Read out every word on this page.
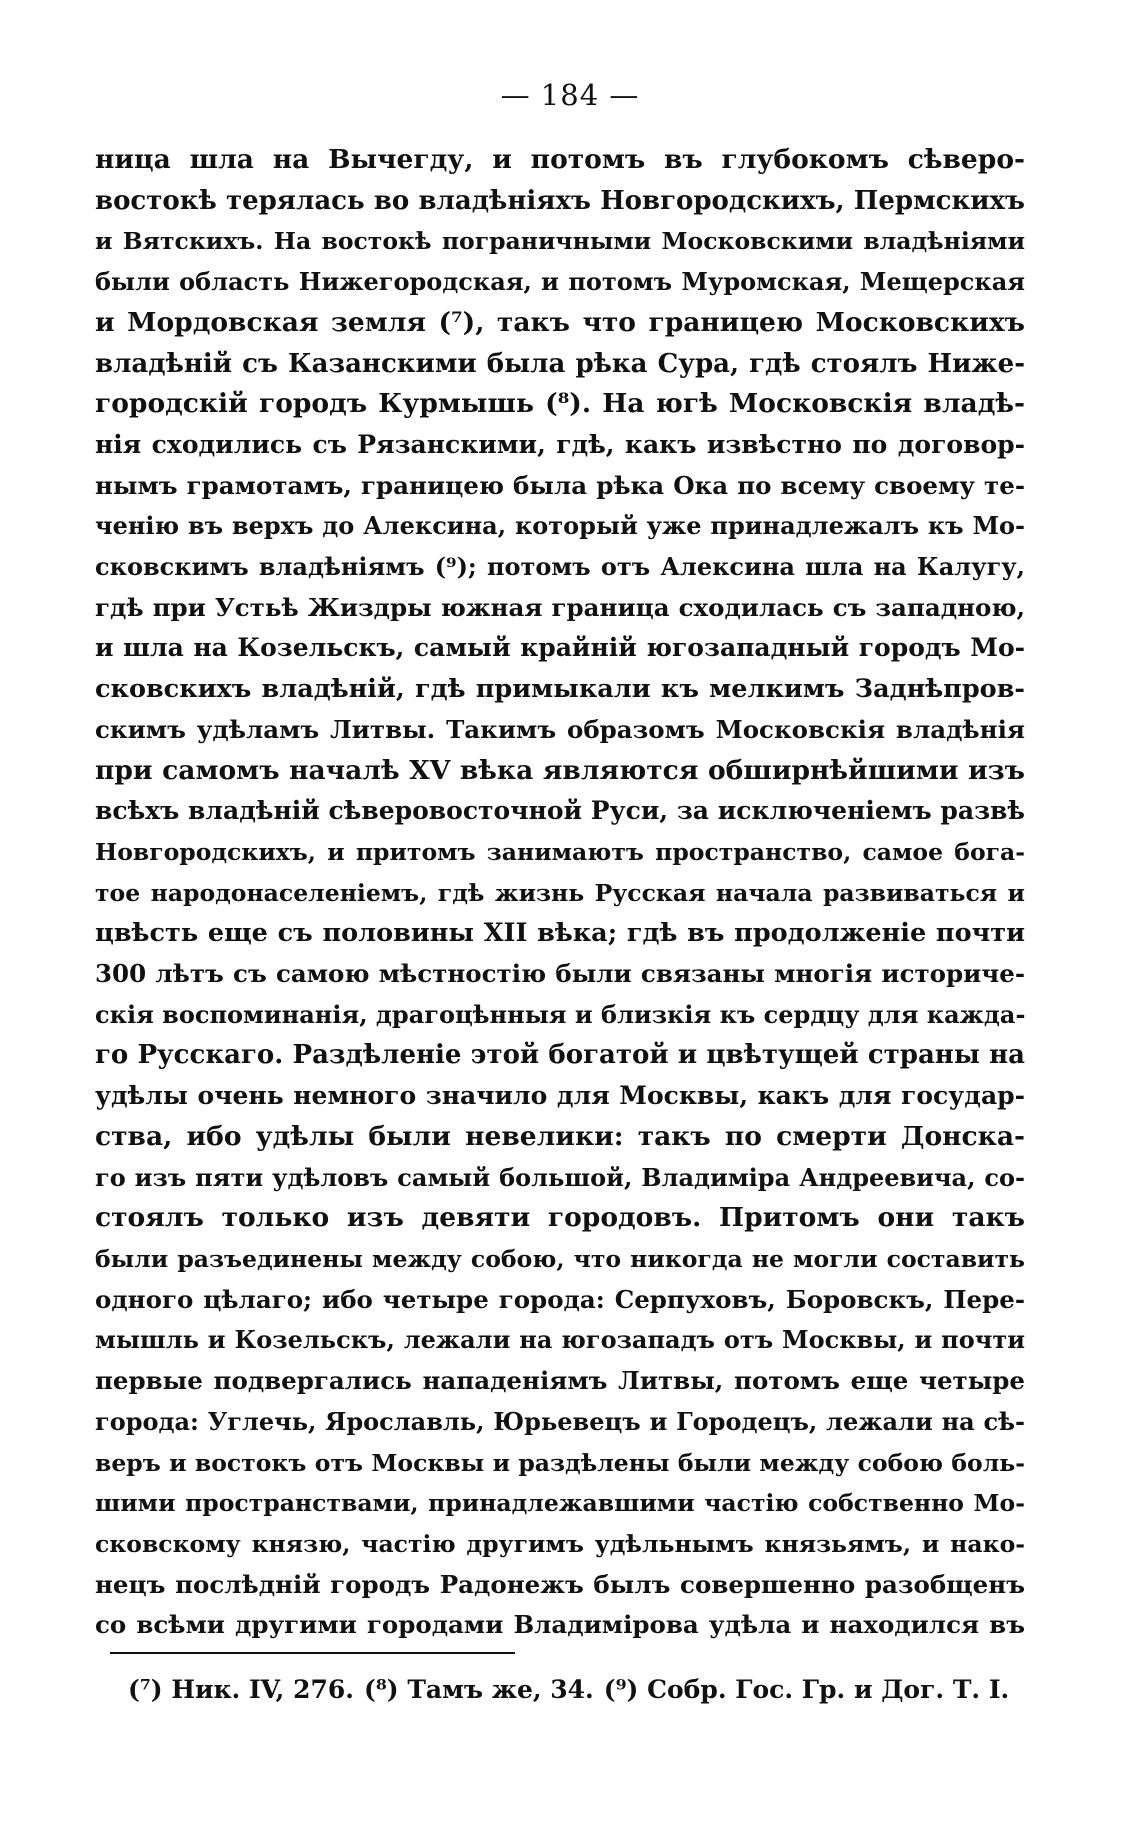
— 184 —
ница шла на Вычегду, и потомъ въ глубокомъ сѣверо-
востокѣ терялась во владѣніяхъ Новгородскихъ, Пермскихъ
и Вятскихъ. На востокѣ пограничными Московскими владѣніями
были область Нижегородская, и потомъ Муромская, Мещерская
и Мордовская земля (⁷), такъ что границею Московскихъ
владѣній съ Казанскими была рѣка Сура, гдѣ стоялъ Ниже-
городскій городъ Курмышь (⁸). На югѣ Московскія владѣ-
нія сходились съ Рязанскими, гдѣ, какъ извѣстно по договор-
нымъ грамотамъ, границею была рѣка Ока по всему своему те-
ченію въ верхъ до Алексина, который уже принадлежалъ къ Мо-
сковскимъ владѣніямъ (⁹); потомъ отъ Алексина шла на Калугу,
гдѣ при Устьѣ Жиздры южная граница сходилась съ западною,
и шла на Козельскъ, самый крайній югозападный городъ Мо-
сковскихъ владѣній, гдѣ примыкали къ мелкимъ Заднѣпров-
скимъ удѣламъ Литвы. Такимъ образомъ Московскія владѣнія
при самомъ началѣ XV вѣка являются обширнѣйшими изъ
всѣхъ владѣній сѣверовосточной Руси, за исключеніемъ развѣ
Новгородскихъ, и притомъ занимаютъ пространство, самое бога-
тое народонаселеніемъ, гдѣ жизнь Русская начала развиваться и
цвѣсть еще съ половины XII вѣка; гдѣ въ продолженіе почти
300 лѣтъ съ самою мѣстностію были связаны многія историче-
скія воспоминанія, драгоцѣнныя и близкія къ сердцу для кажда-
го Русскаго. Раздѣленіе этой богатой и цвѣтущей страны на
удѣлы очень немного значило для Москвы, какъ для государ-
ства, ибо удѣлы были невелики: такъ по смерти Донска-
го изъ пяти удѣловъ самый большой, Владиміра Андреевича, со-
стоялъ только изъ девяти городовъ. Притомъ они такъ
были разъединены между собою, что никогда не могли составить
одного цѣлаго; ибо четыре города: Серпуховъ, Боровскъ, Пере-
мышль и Козельскъ, лежали на югозападъ отъ Москвы, и почти
первые подвергались нападеніямъ Литвы, потомъ еще четыре
города: Углечь, Ярославль, Юрьевецъ и Городецъ, лежали на сѣ-
веръ и востокъ отъ Москвы и раздѣлены были между собою боль-
шими пространствами, принадлежавшими частію собственно Мо-
сковскому князю, частію другимъ удѣльнымъ князьямъ, и нако-
нецъ послѣдній городъ Радонежъ былъ совершенно разобщенъ
со всѣми другими городами Владимірова удѣла и находился въ
(⁷) Ник. IV, 276. (⁸) Тамъ же, 34. (⁹) Собр. Гос. Гр. и Дог. Т. I.
